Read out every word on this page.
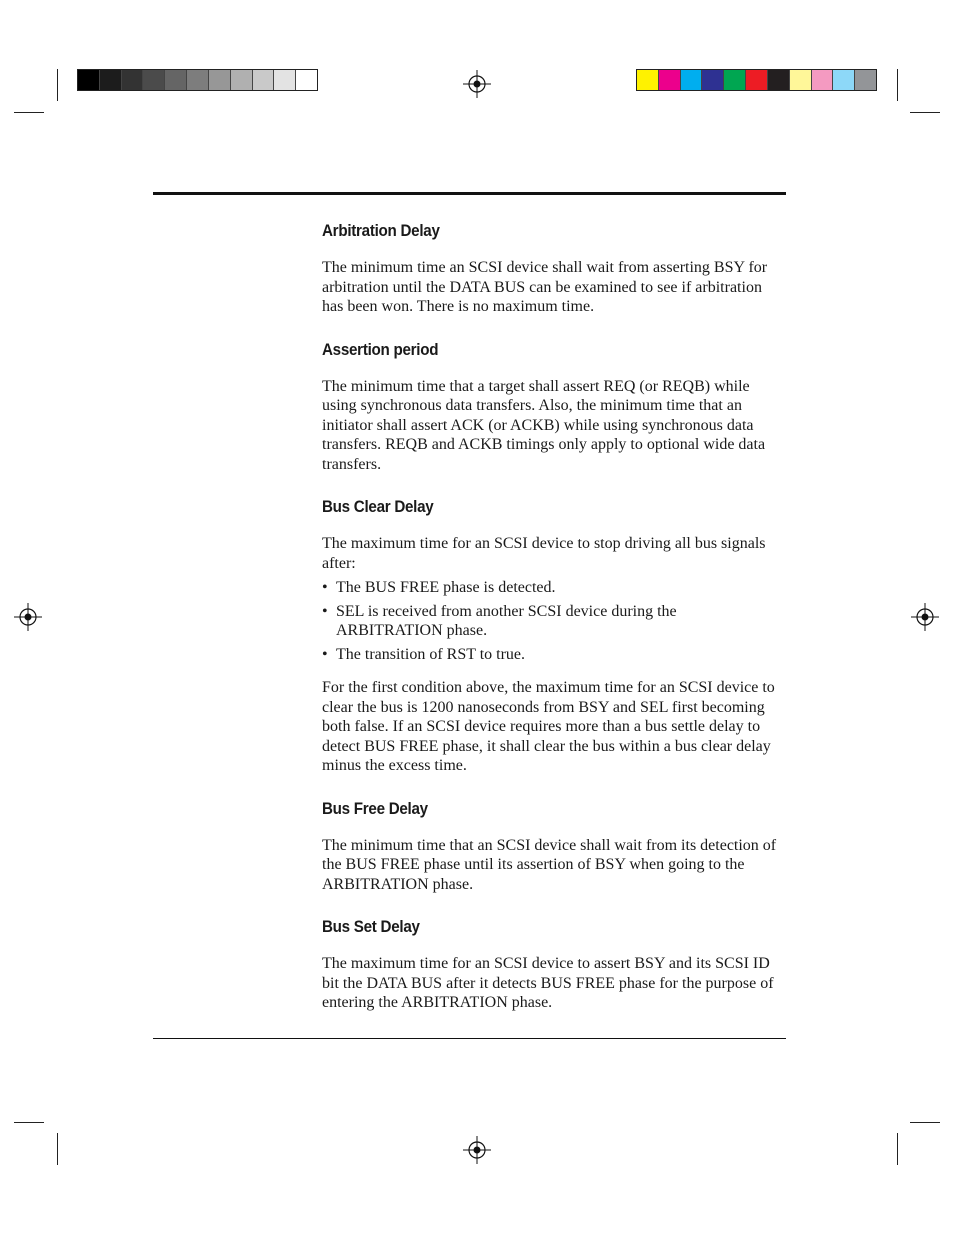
Arbitration Delay

The minimum time an SCSI device shall wait from asserting BSY for arbitration until the DATA BUS can be examined to see if arbitration has been won. There is no maximum time.

Assertion period

The minimum time that a target shall assert REQ (or REQB) while using synchronous data transfers. Also, the minimum time that an initiator shall assert ACK (or ACKB) while using synchronous data transfers. REQB and ACKB timings only apply to optional wide data transfers.

Bus Clear Delay

The maximum time for an SCSI device to stop driving all bus signals after:

• The BUS FREE phase is detected.
• SEL is received from another SCSI device during the ARBITRATION phase.
• The transition of RST to true.

For the first condition above, the maximum time for an SCSI device to clear the bus is 1200 nanoseconds from BSY and SEL first becoming both false. If an SCSI device requires more than a bus settle delay to detect BUS FREE phase, it shall clear the bus within a bus clear delay minus the excess time.

Bus Free Delay

The minimum time that an SCSI device shall wait from its detection of the BUS FREE phase until its assertion of BSY when going to the ARBITRATION phase.

Bus Set Delay

The maximum time for an SCSI device to assert BSY and its SCSI ID bit the DATA BUS after it detects BUS FREE phase for the purpose of entering the ARBITRATION phase.
